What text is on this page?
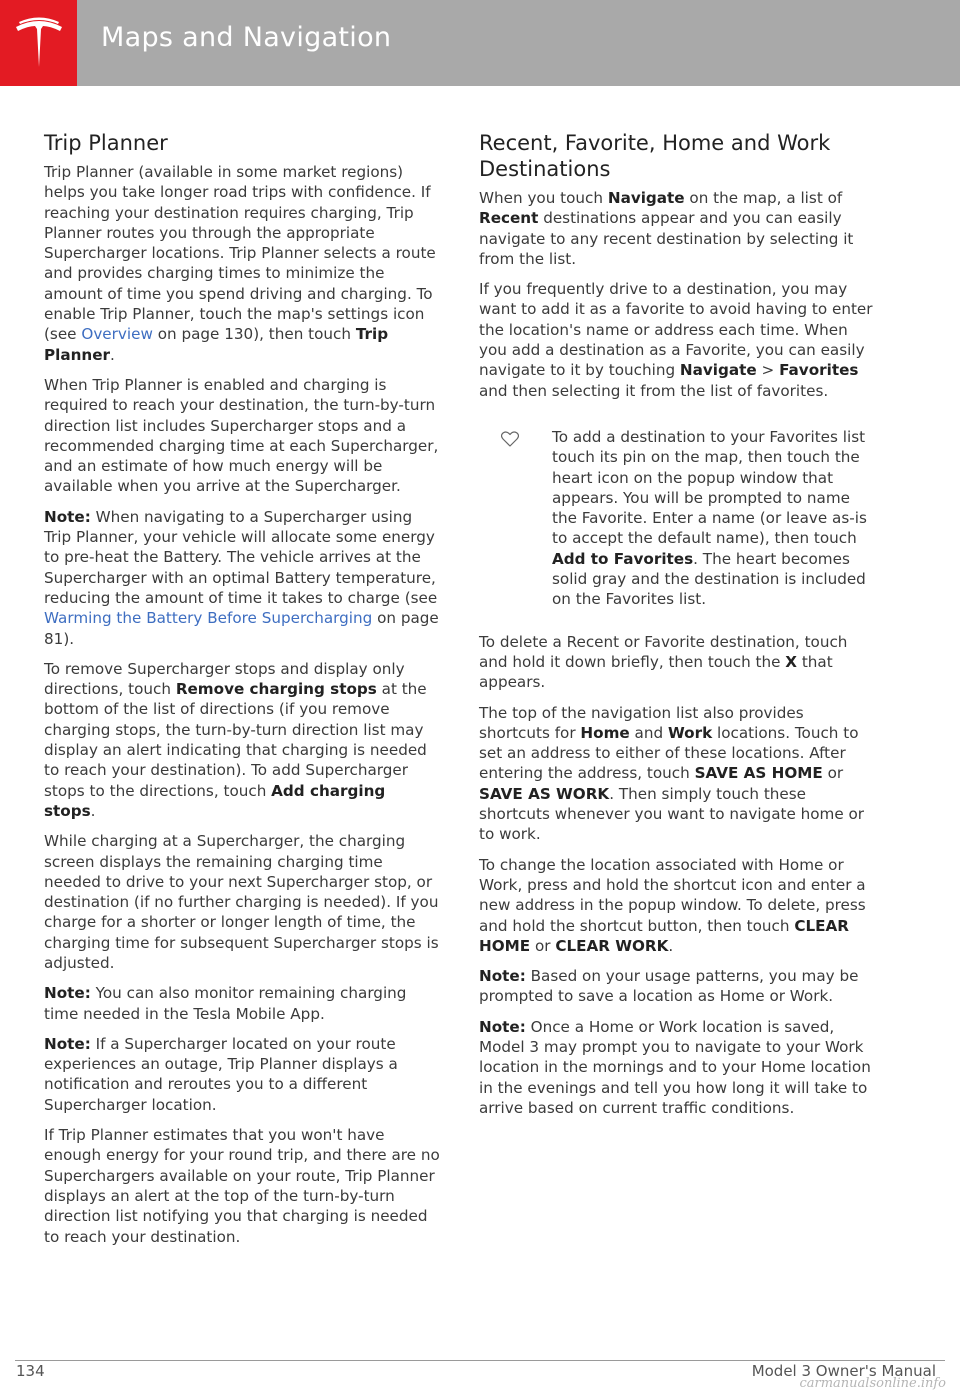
Maps and Navigation
Trip Planner

Trip Planner (available in some market regions) helps you take longer road trips with confidence. If reaching your destination requires charging, Trip Planner routes you through the appropriate Supercharger locations. Trip Planner selects a route and provides charging times to minimize the amount of time you spend driving and charging. To enable Trip Planner, touch the map's settings icon (see Overview on page 130), then touch Trip Planner.

When Trip Planner is enabled and charging is required to reach your destination, the turn-by-turn direction list includes Supercharger stops and a recommended charging time at each Supercharger, and an estimate of how much energy will be available when you arrive at the Supercharger.

Note: When navigating to a Supercharger using Trip Planner, your vehicle will allocate some energy to pre-heat the Battery. The vehicle arrives at the Supercharger with an optimal Battery temperature, reducing the amount of time it takes to charge (see Warming the Battery Before Supercharging on page 81).

To remove Supercharger stops and display only directions, touch Remove charging stops at the bottom of the list of directions (if you remove charging stops, the turn-by-turn direction list may display an alert indicating that charging is needed to reach your destination). To add Supercharger stops to the directions, touch Add charging stops.

While charging at a Supercharger, the charging screen displays the remaining charging time needed to drive to your next Supercharger stop, or destination (if no further charging is needed). If you charge for a shorter or longer length of time, the charging time for subsequent Supercharger stops is adjusted.

Note: You can also monitor remaining charging time needed in the Tesla Mobile App.

Note: If a Supercharger located on your route experiences an outage, Trip Planner displays a notification and reroutes you to a different Supercharger location.

If Trip Planner estimates that you won't have enough energy for your round trip, and there are no Superchargers available on your route, Trip Planner displays an alert at the top of the turn-by-turn direction list notifying you that charging is needed to reach your destination.

Recent, Favorite, Home and Work Destinations

When you touch Navigate on the map, a list of Recent destinations appear and you can easily navigate to any recent destination by selecting it from the list.

If you frequently drive to a destination, you may want to add it as a favorite to avoid having to enter the location's name or address each time. When you add a destination as a Favorite, you can easily navigate to it by touching Navigate > Favorites and then selecting it from the list of favorites.

To add a destination to your Favorites list touch its pin on the map, then touch the heart icon on the popup window that appears. You will be prompted to name the Favorite. Enter a name (or leave as-is to accept the default name), then touch Add to Favorites. The heart becomes solid gray and the destination is included on the Favorites list.

To delete a Recent or Favorite destination, touch and hold it down briefly, then touch the X that appears.

The top of the navigation list also provides shortcuts for Home and Work locations. Touch to set an address to either of these locations. After entering the address, touch SAVE AS HOME or SAVE AS WORK. Then simply touch these shortcuts whenever you want to navigate home or to work.

To change the location associated with Home or Work, press and hold the shortcut icon and enter a new address in the popup window. To delete, press and hold the shortcut button, then touch CLEAR HOME or CLEAR WORK.

Note: Based on your usage patterns, you may be prompted to save a location as Home or Work.

Note: Once a Home or Work location is saved, Model 3 may prompt you to navigate to your Work location in the mornings and to your Home location in the evenings and tell you how long it will take to arrive based on current traffic conditions.

134	Model 3 Owner's Manual
carmanualsonline.info
